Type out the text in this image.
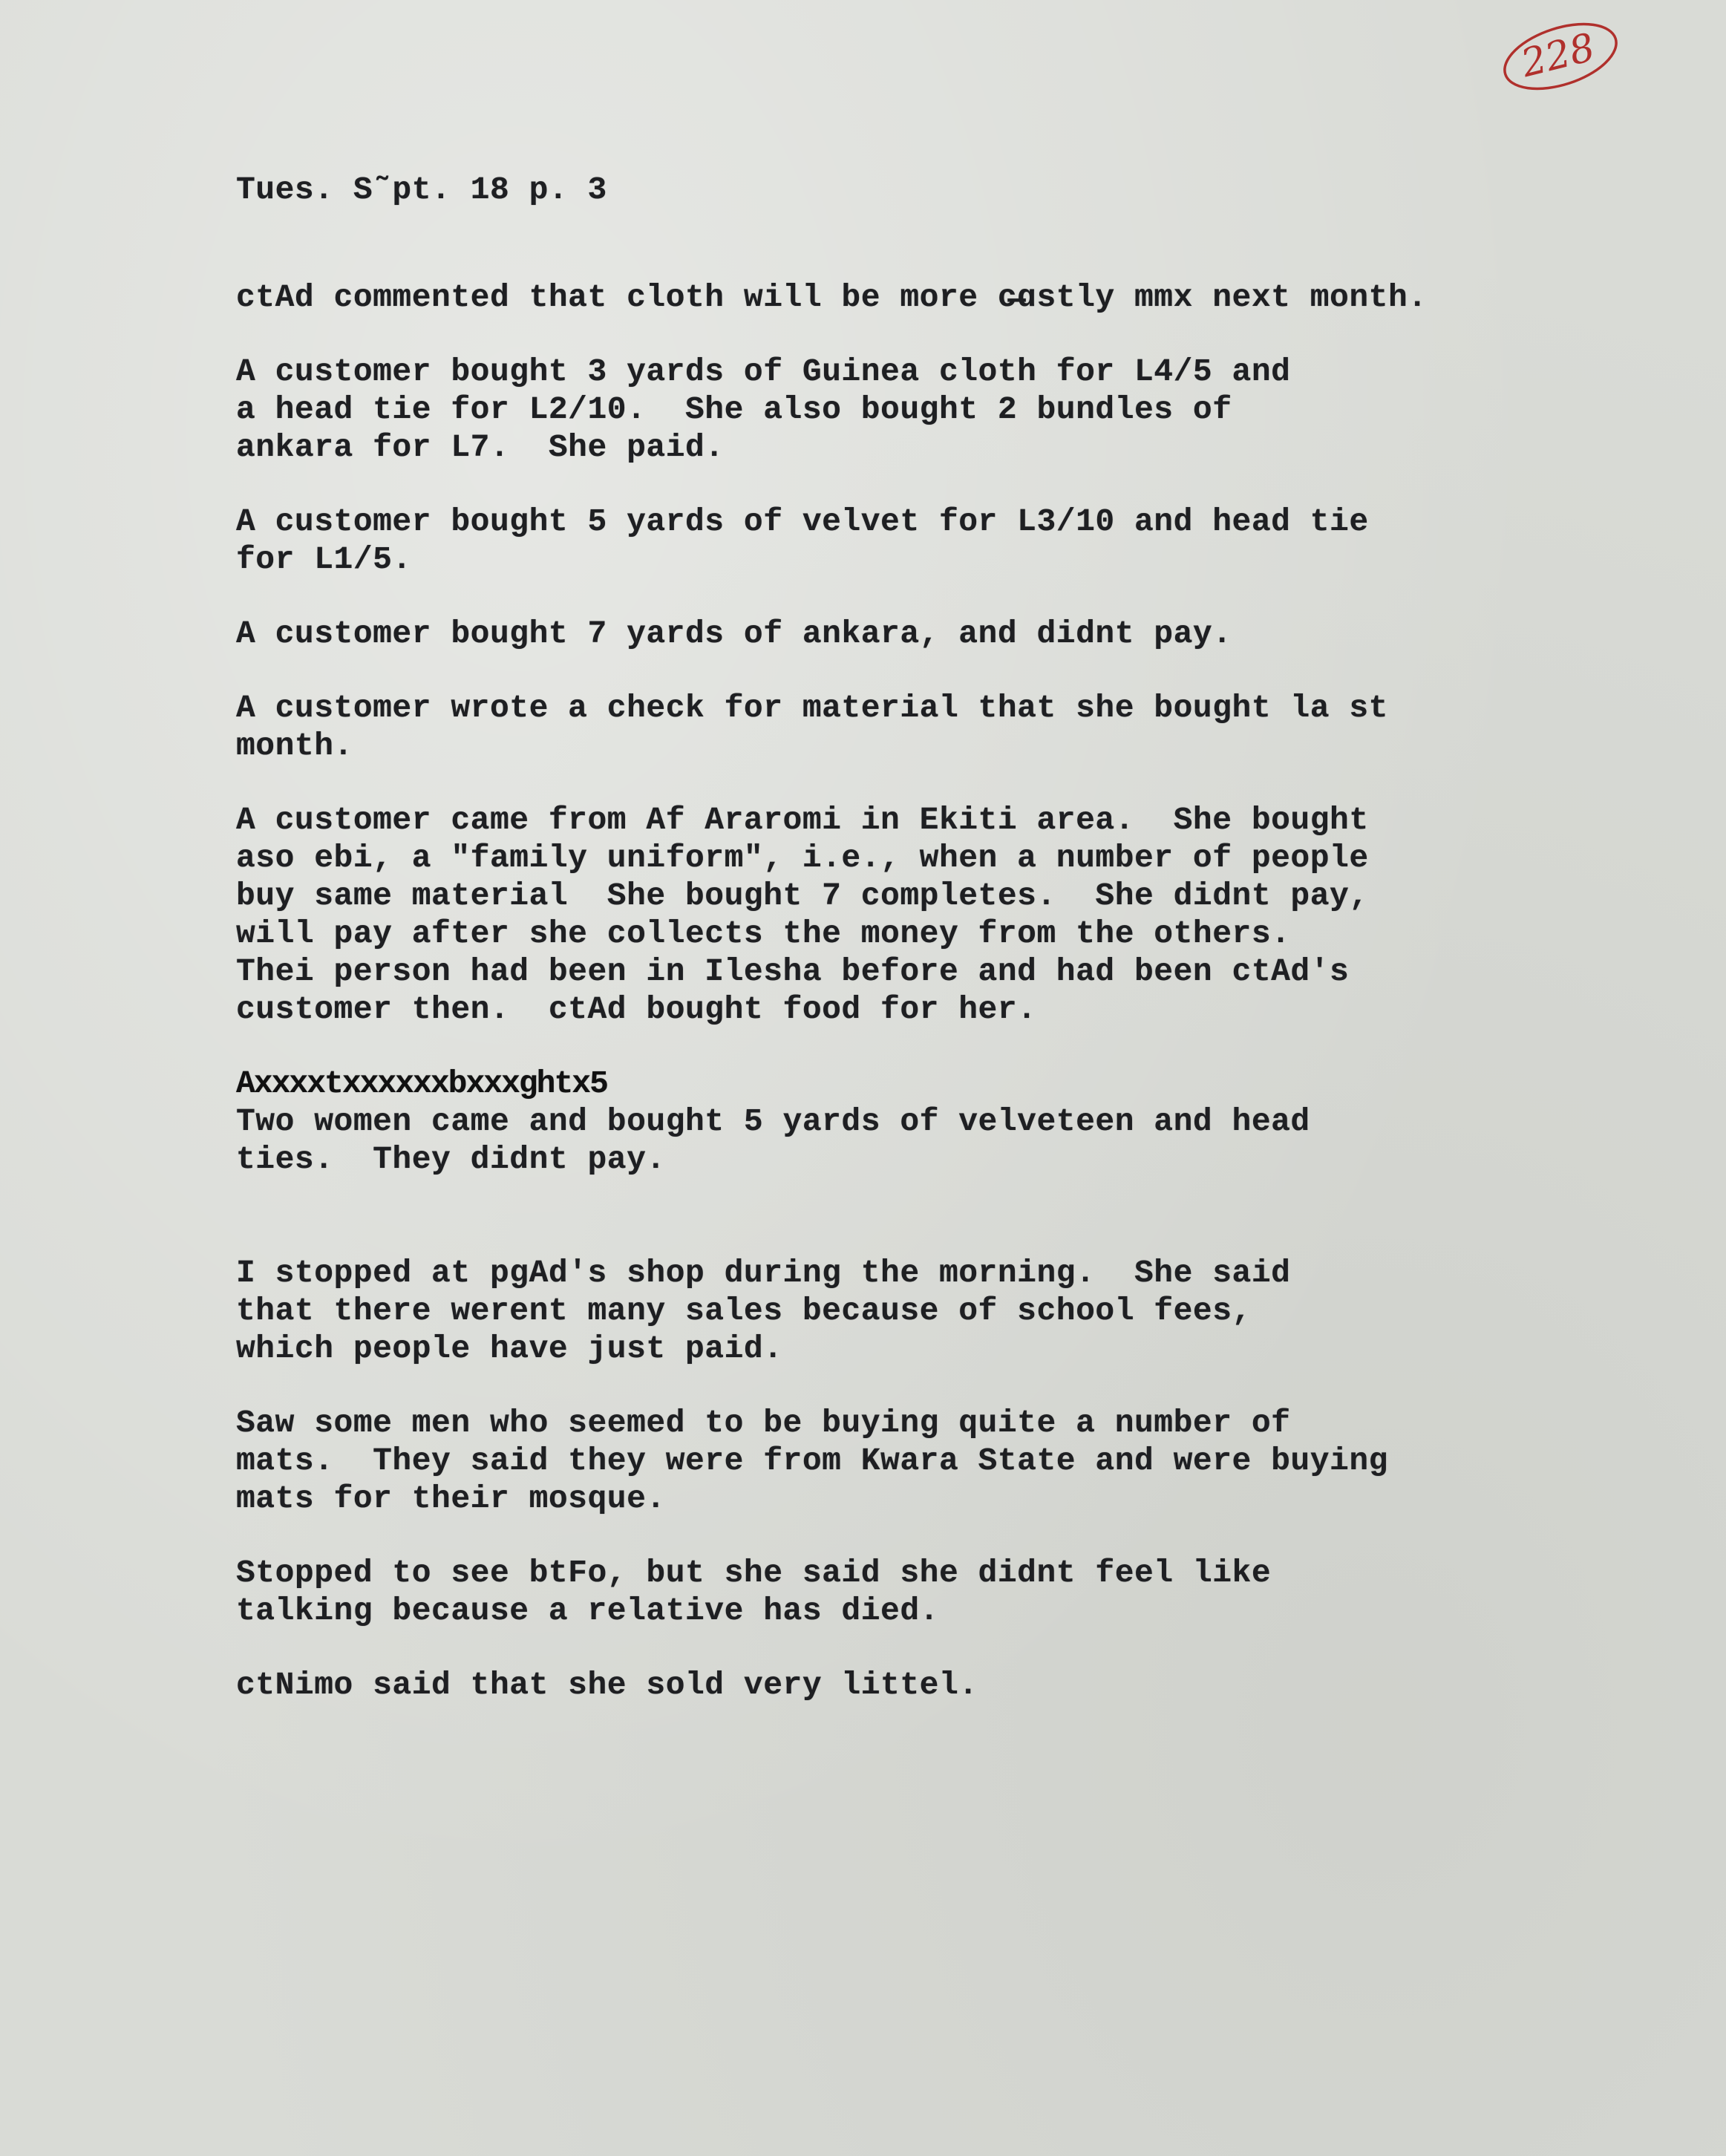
228
Tues. S˜pt. 18 p. 3
ctAd commented that cloth will be more c̶ɑstly mmx next month.
A customer bought 3 yards of Guinea cloth for L4/5 and
a head tie for L2/10.  She also bought 2 bundles of
ankara for L7.  She paid.
A customer bought 5 yards of velvet for L3/10 and head tie
for L1/5.
A customer bought 7 yards of ankara, and didnt pay.
A customer wrote a check for material that she bought la st
month.
A customer came from Af Araromi in Ekiti area.  She bought
aso ebi, a "family uniform", i.e., when a number of people
buy same material  She bought 7 completes.  She didnt pay,
will pay after she collects the money from the others.
Thei person had been in Ilesha before and had been ctAd's
customer then.  ctAd bought food for her.
Axxxxtxxxxxxbxxxghtx5
Two women came and bought 5 yards of velveteen and head
ties.  They didnt pay.
I stopped at pgAd's shop during the morning.  She said
that there werent many sales because of school fees,
which people have just paid.
Saw some men who seemed to be buying quite a number of
mats.  They said they were from Kwara State and were buying
mats for their mosque.
Stopped to see btFo, but she said she didnt feel like
talking because a relative has died.
ctNimo said that she sold very littel.
